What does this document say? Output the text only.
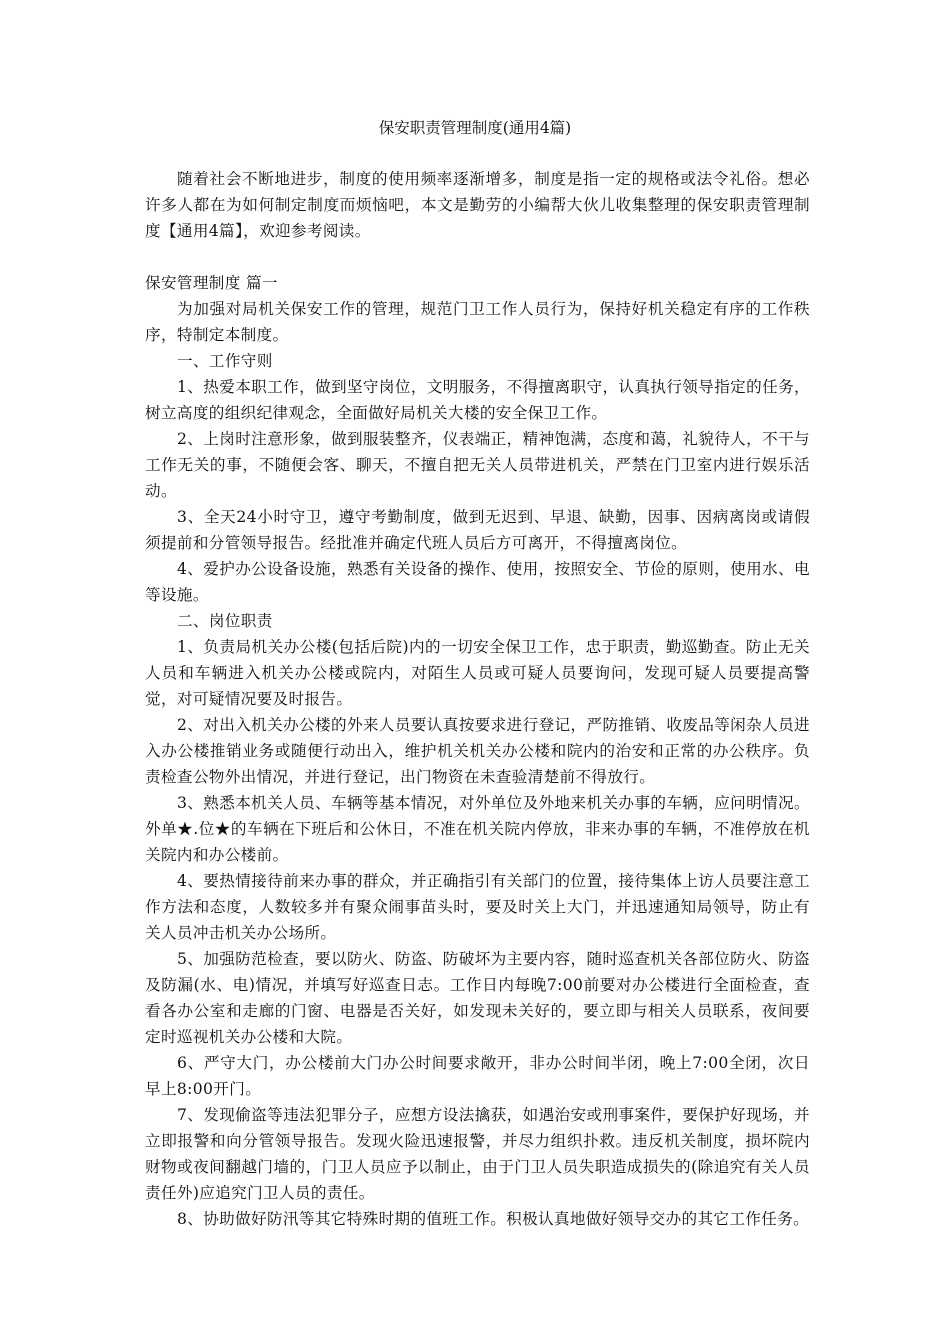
保安职责管理制度(通用4篇)

随着社会不断地进步，制度的使用频率逐渐增多，制度是指一定的规格或法令礼俗。想必许多人都在为如何制定制度而烦恼吧，本文是勤劳的小编帮大伙儿收集整理的保安职责管理制度【通用4篇】，欢迎参考阅读。

保安管理制度 篇一

为加强对局机关保安工作的管理，规范门卫工作人员行为，保持好机关稳定有序的工作秩序，特制定本制度。

一、工作守则

1、热爱本职工作，做到坚守岗位，文明服务，不得擅离职守，认真执行领导指定的任务，树立高度的组织纪律观念，全面做好局机关大楼的安全保卫工作。

2、上岗时注意形象，做到服装整齐，仪表端正，精神饱满，态度和蔼，礼貌待人，不干与工作无关的事，不随便会客、聊天，不擅自把无关人员带进机关，严禁在门卫室内进行娱乐活动。

3、全天24小时守卫，遵守考勤制度，做到无迟到、早退、缺勤，因事、因病离岗或请假须提前和分管领导报告。经批准并确定代班人员后方可离开，不得擅离岗位。

4、爱护办公设备设施，熟悉有关设备的操作、使用，按照安全、节俭的原则，使用水、电等设施。

二、岗位职责

1、负责局机关办公楼(包括后院)内的一切安全保卫工作，忠于职责，勤巡勤查。防止无关人员和车辆进入机关办公楼或院内，对陌生人员或可疑人员要询问，发现可疑人员要提高警觉，对可疑情况要及时报告。

2、对出入机关办公楼的外来人员要认真按要求进行登记，严防推销、收废品等闲杂人员进入办公楼推销业务或随便行动出入，维护机关机关办公楼和院内的治安和正常的办公秩序。负责检查公物外出情况，并进行登记，出门物资在未查验清楚前不得放行。

3、熟悉本机关人员、车辆等基本情况，对外单位及外地来机关办事的车辆，应问明情况。外单★.位★的车辆在下班后和公休日，不准在机关院内停放，非来办事的车辆，不准停放在机关院内和办公楼前。

4、要热情接待前来办事的群众，并正确指引有关部门的位置，接待集体上访人员要注意工作方法和态度，人数较多并有聚众闹事苗头时，要及时关上大门，并迅速通知局领导，防止有关人员冲击机关办公场所。

5、加强防范检查，要以防火、防盗、防破坏为主要内容，随时巡查机关各部位防火、防盗及防漏(水、电)情况，并填写好巡查日志。工作日内每晚7:00前要对办公楼进行全面检查，查看各办公室和走廊的门窗、电器是否关好，如发现未关好的，要立即与相关人员联系，夜间要定时巡视机关办公楼和大院。

6、严守大门，办公楼前大门办公时间要求敞开，非办公时间半闭，晚上7:00全闭，次日早上8:00开门。

7、发现偷盗等违法犯罪分子，应想方设法擒获，如遇治安或刑事案件，要保护好现场，并立即报警和向分管领导报告。发现火险迅速报警，并尽力组织扑救。违反机关制度，损坏院内财物或夜间翻越门墙的，门卫人员应予以制止，由于门卫人员失职造成损失的(除追究有关人员责任外)应追究门卫人员的责任。

8、协助做好防汛等其它特殊时期的值班工作。积极认真地做好领导交办的其它工作任务。
